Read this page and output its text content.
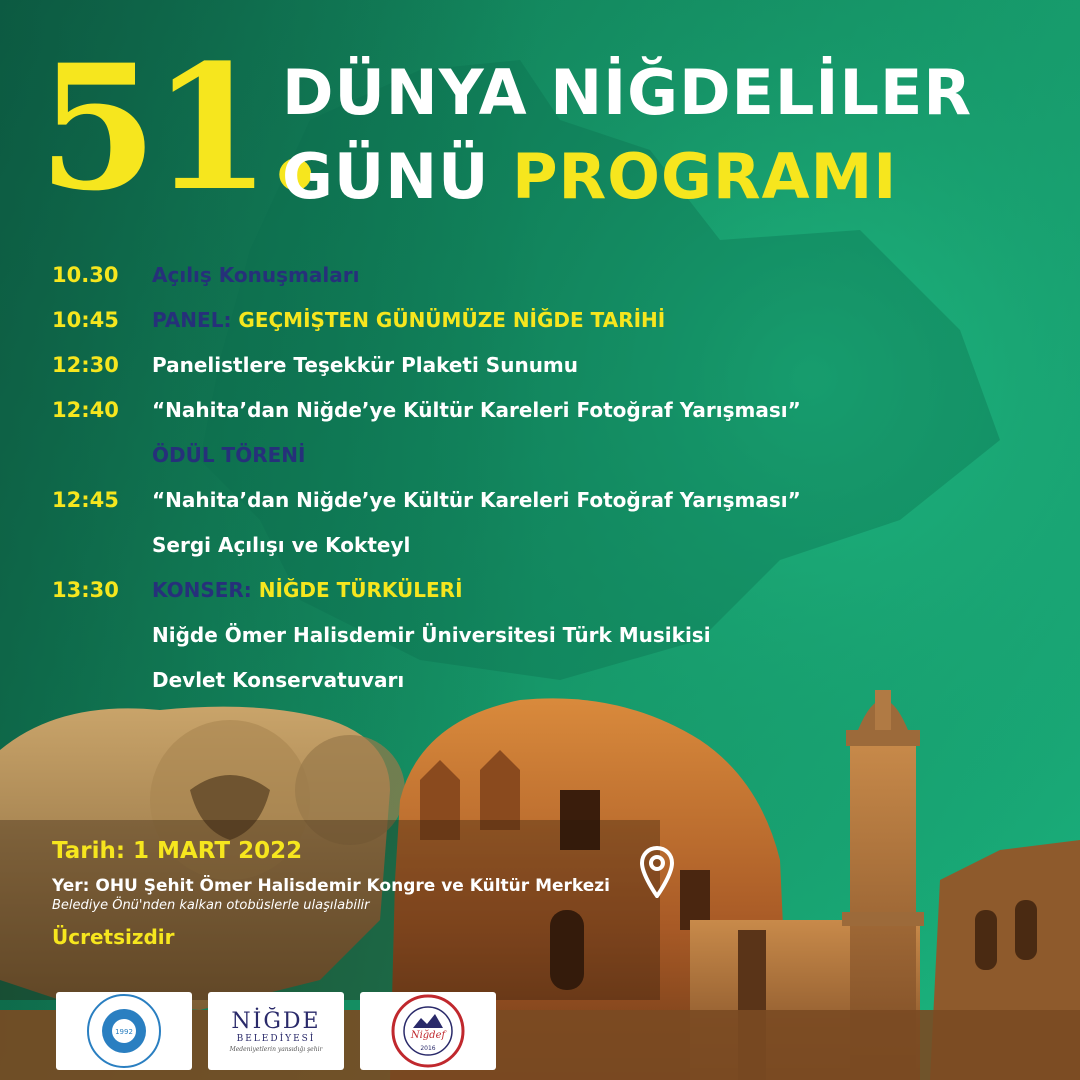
51.
DÜNYA NİĞDELİLER
GÜNÜ PROGRAMI
10.30	Açılış Konuşmaları
10:45	PANEL: GEÇMİŞTEN GÜNÜMÜZE NİĞDE TARİHİ
12:30	Panelistlere Teşekkür Plaketi Sunumu
12:40	“Nahita’dan Niğde’ye Kültür Kareleri Fotoğraf Yarışması”
ÖDÜL TÖRENİ
12:45	“Nahita’dan Niğde’ye Kültür Kareleri Fotoğraf Yarışması”
Sergi Açılışı ve Kokteyl
13:30	KONSER: NİĞDE TÜRKÜLERİ
Niğde Ömer Halisdemir Üniversitesi Türk Musikisi
Devlet Konservatuvarı
Tarih: 1 MART 2022
Yer: OHU Şehit Ömer Halisdemir Kongre ve Kültür Merkezi
Belediye Önü'nden kalkan otobüslerle ulaşılabilir
Ücretsizdir
1992	NİĞDE
BELEDİYESİ
Medeniyetlerin yansıdığı şehir
Niğdef
2016
